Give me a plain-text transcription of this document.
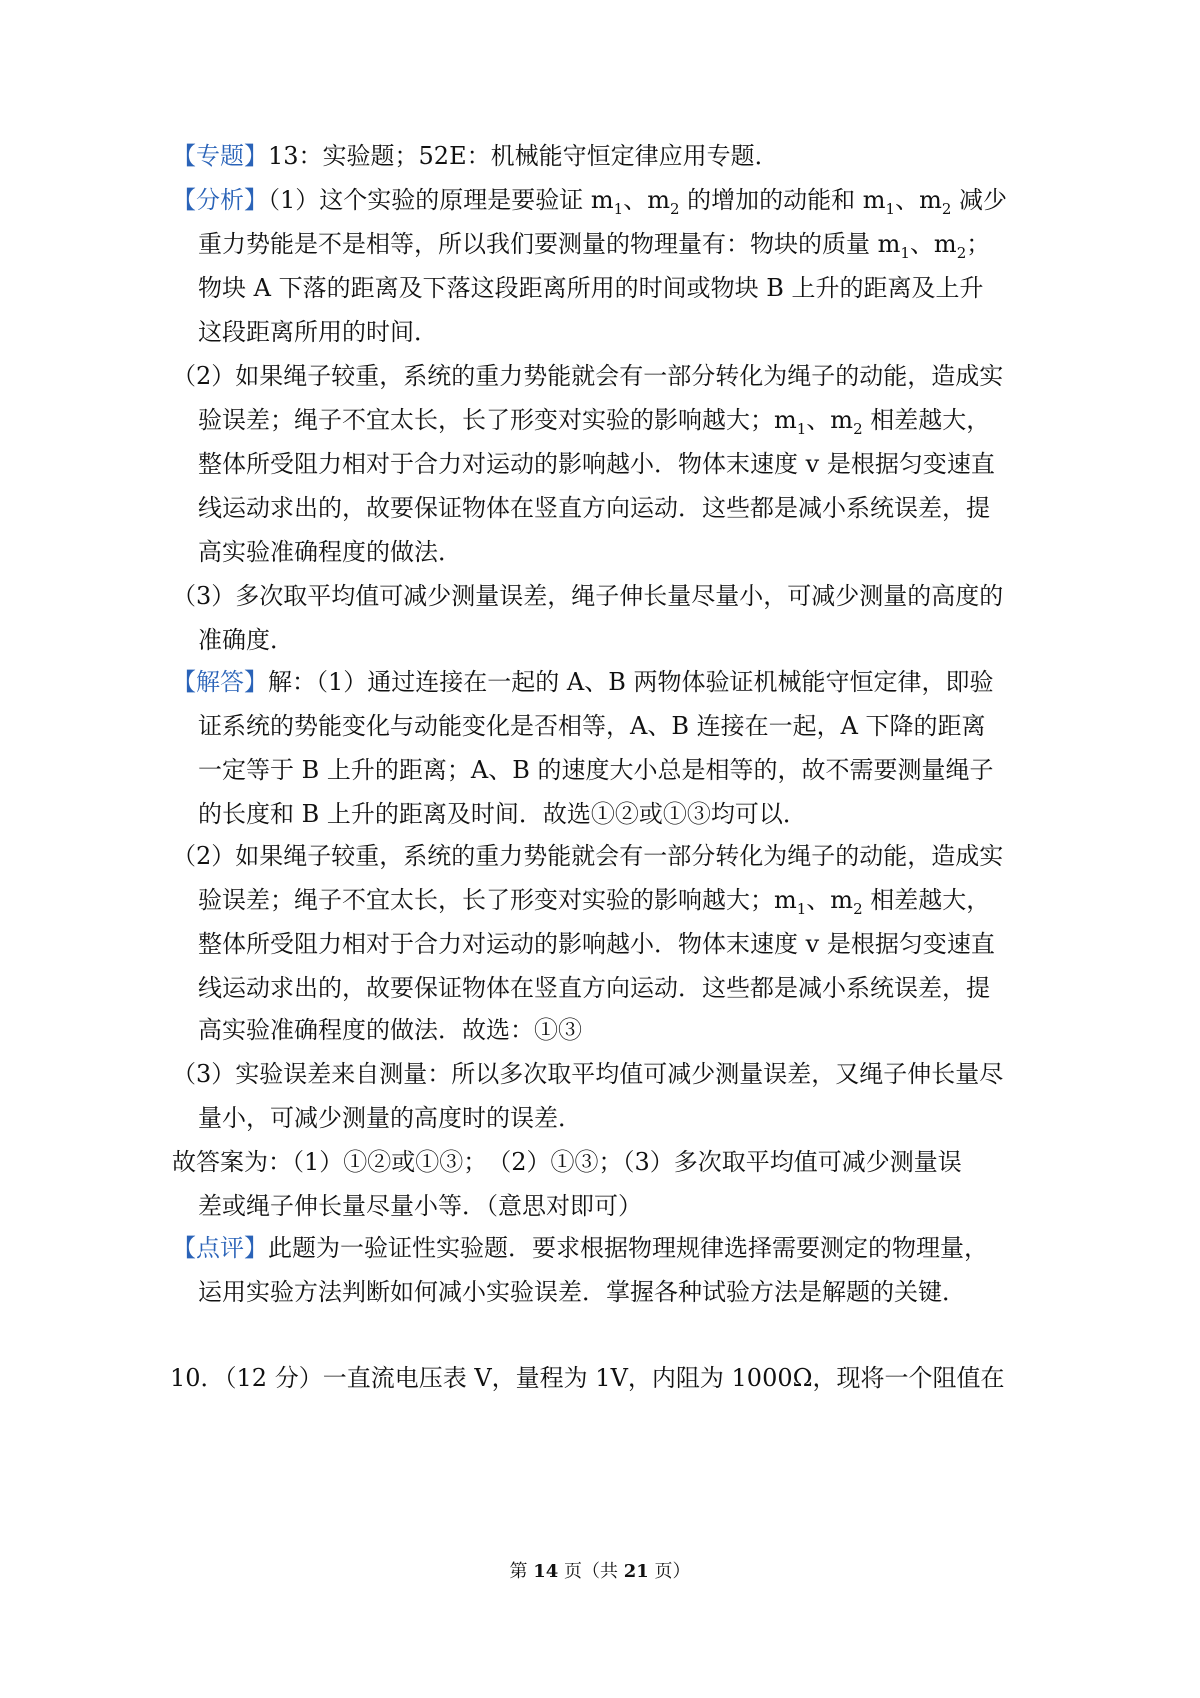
【专题】13：实验题；52E：机械能守恒定律应用专题．
【分析】（1）这个实验的原理是要验证 $m_1$、$m_2$ 的增加的动能和 $m_1$、$m_2$ 减少
重力势能是不是相等，所以我们要测量的物理量有：物块的质量 $m_1$、$m_2$；
物块 A 下落的距离及下落这段距离所用的时间或物块 B 上升的距离及上升
这段距离所用的时间．
（2）如果绳子较重，系统的重力势能就会有一部分转化为绳子的动能，造成实
验误差；绳子不宜太长，长了形变对实验的影响越大；$m_1$、$m_2$ 相差越大，
整体所受阻力相对于合力对运动的影响越小．物体末速度 v 是根据匀变速直
线运动求出的，故要保证物体在竖直方向运动．这些都是减小系统误差，提
高实验准确程度的做法．
（3）多次取平均值可减少测量误差，绳子伸长量尽量小，可减少测量的高度的
准确度．
【解答】解：（1）通过连接在一起的 A、B 两物体验证机械能守恒定律，即验
证系统的势能变化与动能变化是否相等，A、B 连接在一起，A 下降的距离
一定等于 B 上升的距离；A、B 的速度大小总是相等的，故不需要测量绳子
的长度和 B 上升的距离及时间．故选①②或①③均可以．
（2）如果绳子较重，系统的重力势能就会有一部分转化为绳子的动能，造成实
验误差；绳子不宜太长，长了形变对实验的影响越大；$m_1$、$m_2$ 相差越大，
整体所受阻力相对于合力对运动的影响越小．物体末速度 v 是根据匀变速直
线运动求出的，故要保证物体在竖直方向运动．这些都是减小系统误差，提
高实验准确程度的做法．故选：①③
（3）实验误差来自测量：所以多次取平均值可减少测量误差，又绳子伸长量尽
量小，可减少测量的高度时的误差．
故答案为：（1）①②或①③；　（2）①③；（3）多次取平均值可减少测量误
差或绳子伸长量尽量小等．（意思对即可）
【点评】此题为一验证性实验题．要求根据物理规律选择需要测定的物理量，
运用实验方法判断如何减小实验误差．掌握各种试验方法是解题的关键．
10．（12 分）一直流电压表 V，量程为 1V，内阻为 1000Ω，现将一个阻值在
第 14 页（共 21 页）
